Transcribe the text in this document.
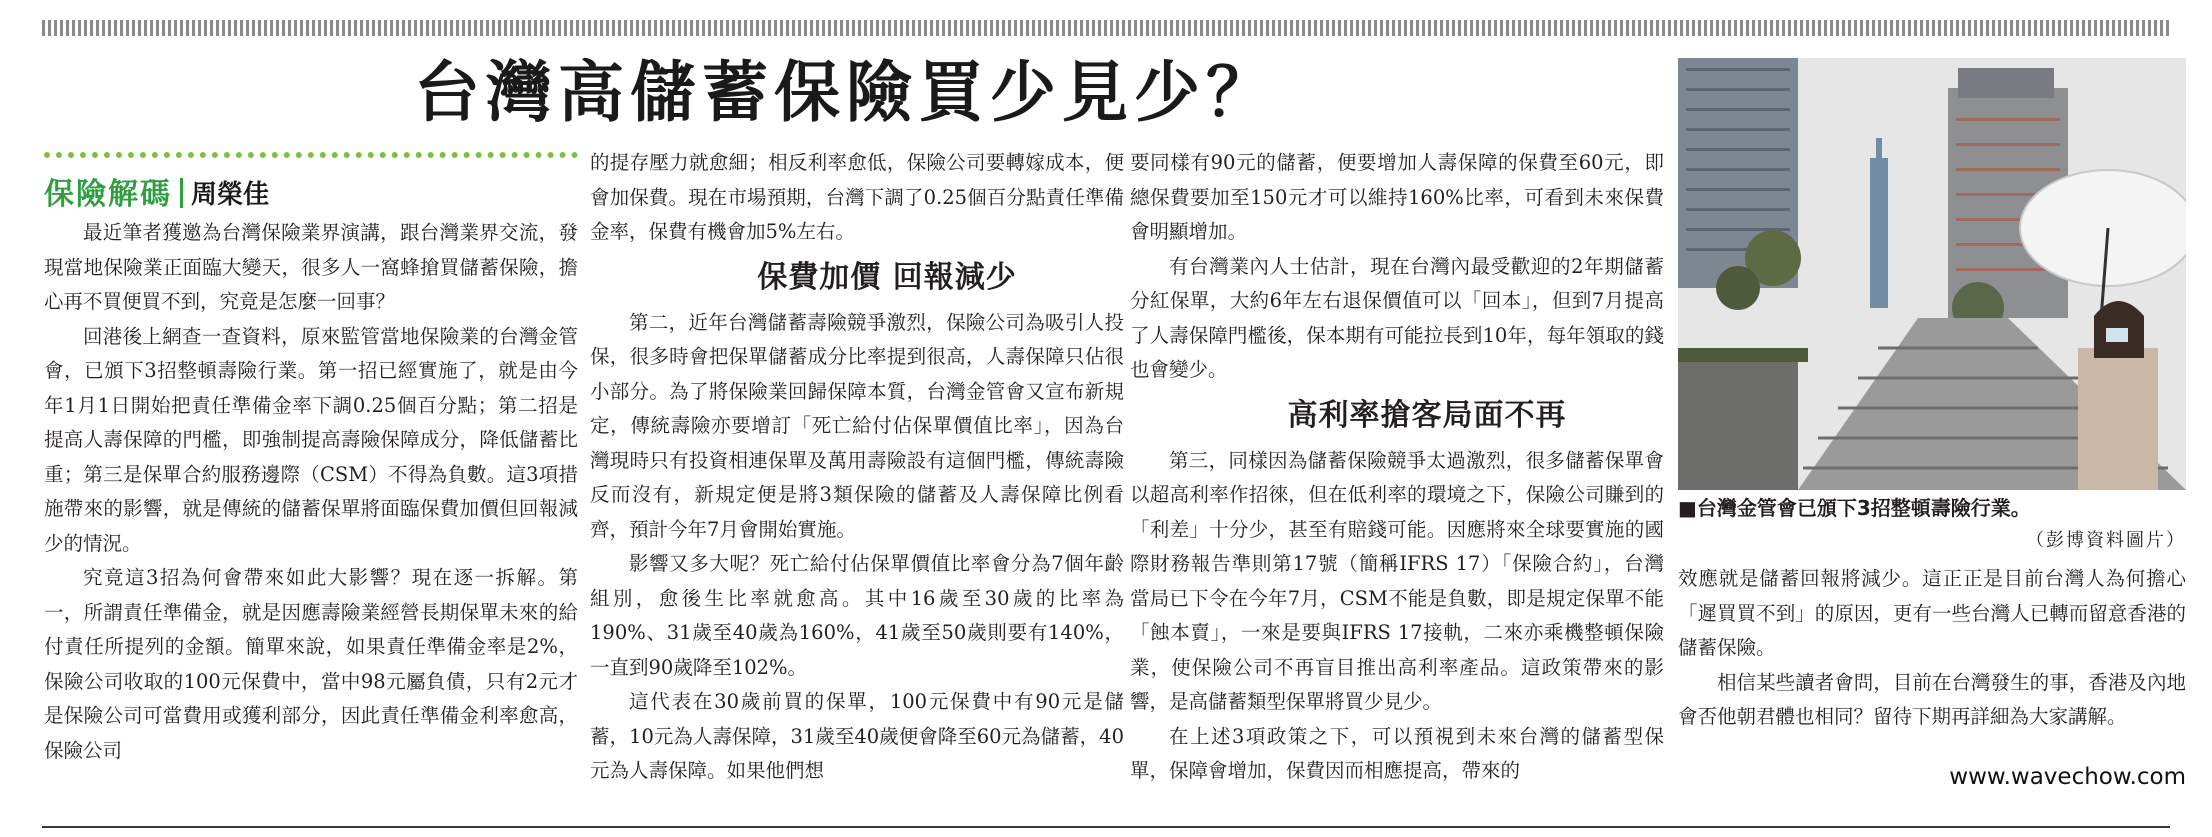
台灣高儲蓄保險買少見少？
保險解碼 周榮佳

最近筆者獲邀為台灣保險業界演講，跟台灣業界交流，發現當地保險業正面臨大變天，很多人一窩蜂搶買儲蓄保險，擔心再不買便買不到，究竟是怎麼一回事？

回港後上網查一查資料，原來監管當地保險業的台灣金管會，已頒下3招整頓壽險行業。第一招已經實施了，就是由今年1月1日開始把責任準備金率下調0.25個百分點；第二招是提高人壽保障的門檻，即強制提高壽險保障成分，降低儲蓄比重；第三是保單合約服務邊際（CSM）不得為負數。這3項措施帶來的影響，就是傳統的儲蓄保單將面臨保費加價但回報減少的情況。

究竟這3招為何會帶來如此大影響？現在逐一拆解。第一，所謂責任準備金，就是因應壽險業經營長期保單未來的給付責任所提列的金額。簡單來說，如果責任準備金率是2%，保險公司收取的100元保費中，當中98元屬負債，只有2元才是保險公司可當費用或獲利部分，因此責任準備金利率愈高，保險公司

的提存壓力就愈細；相反利率愈低，保險公司要轉嫁成本，便會加保費。現在市場預期，台灣下調了0.25個百分點責任準備金率，保費有機會加5%左右。

保費加價 回報減少

第二，近年台灣儲蓄壽險競爭激烈，保險公司為吸引人投保，很多時會把保單儲蓄成分比率提到很高，人壽保障只佔很小部分。為了將保險業回歸保障本質，台灣金管會又宣布新規定，傳統壽險亦要增訂「死亡給付佔保單價值比率」，因為台灣現時只有投資相連保單及萬用壽險設有這個門檻，傳統壽險反而沒有，新規定便是將3類保險的儲蓄及人壽保障比例看齊，預計今年7月會開始實施。

影響又多大呢？死亡給付佔保單價值比率會分為7個年齡組別，愈後生比率就愈高。其中16歲至30歲的比率為190%、31歲至40歲為160%，41歲至50歲則要有140%，一直到90歲降至102%。

這代表在30歲前買的保單，100元保費中有90元是儲蓄，10元為人壽保障，31歲至40歲便會降至60元為儲蓄，40元為人壽保障。如果他們想

要同樣有90元的儲蓄，便要增加人壽保障的保費至60元，即總保費要加至150元才可以維持160%比率，可看到未來保費會明顯增加。

有台灣業內人士估計，現在台灣內最受歡迎的2年期儲蓄分紅保單，大約6年左右退保價值可以「回本」，但到7月提高了人壽保障門檻後，保本期有可能拉長到10年，每年領取的錢也會變少。

高利率搶客局面不再

第三，同樣因為儲蓄保險競爭太過激烈，很多儲蓄保單會以超高利率作招徠，但在低利率的環境之下，保險公司賺到的「利差」十分少，甚至有賠錢可能。因應將來全球要實施的國際財務報告準則第17號（簡稱IFRS 17）「保險合約」，台灣當局已下令在今年7月，CSM不能是負數，即是規定保單不能「蝕本賣」，一來是要與IFRS 17接軌，二來亦乘機整頓保險業，使保險公司不再盲目推出高利率產品。這政策帶來的影響，是高儲蓄類型保單將買少見少。

在上述3項政策之下，可以預視到未來台灣的儲蓄型保單，保障會增加，保費因而相應提高，帶來的

■台灣金管會已頒下3招整頓壽險行業。
（彭博資料圖片）

效應就是儲蓄回報將減少。這正正是目前台灣人為何擔心「遲買買不到」的原因，更有一些台灣人已轉而留意香港的儲蓄保險。

相信某些讀者會問，目前在台灣發生的事，香港及內地會否他朝君體也相同？留待下期再詳細為大家講解。

www.wavechow.com
